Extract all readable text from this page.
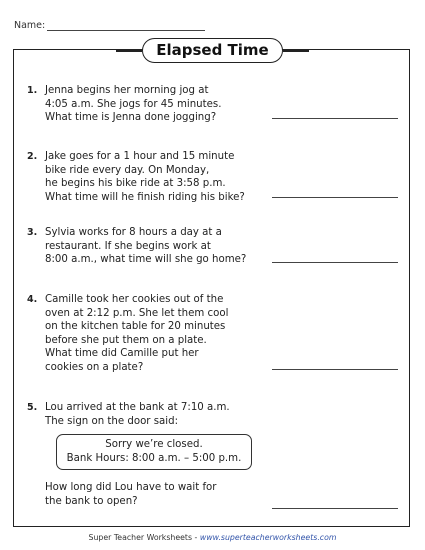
Name:
Elapsed Time
1. Jenna begins her morning jog at
4:05 a.m. She jogs for 45 minutes.
What time is Jenna done jogging?
2. Jake goes for a 1 hour and 15 minute
bike ride every day. On Monday,
he begins his bike ride at 3:58 p.m.
What time will he finish riding his bike?
3. Sylvia works for 8 hours a day at a
restaurant. If she begins work at
8:00 a.m., what time will she go home?
4. Camille took her cookies out of the
oven at 2:12 p.m. She let them cool
on the kitchen table for 20 minutes
before she put them on a plate.
What time did Camille put her
cookies on a plate?
5. Lou arrived at the bank at 7:10 a.m.
The sign on the door said:
Sorry we’re closed.
Bank Hours: 8:00 a.m. – 5:00 p.m.
How long did Lou have to wait for
the bank to open?
Super Teacher Worksheets - www.superteacherworksheets.com
